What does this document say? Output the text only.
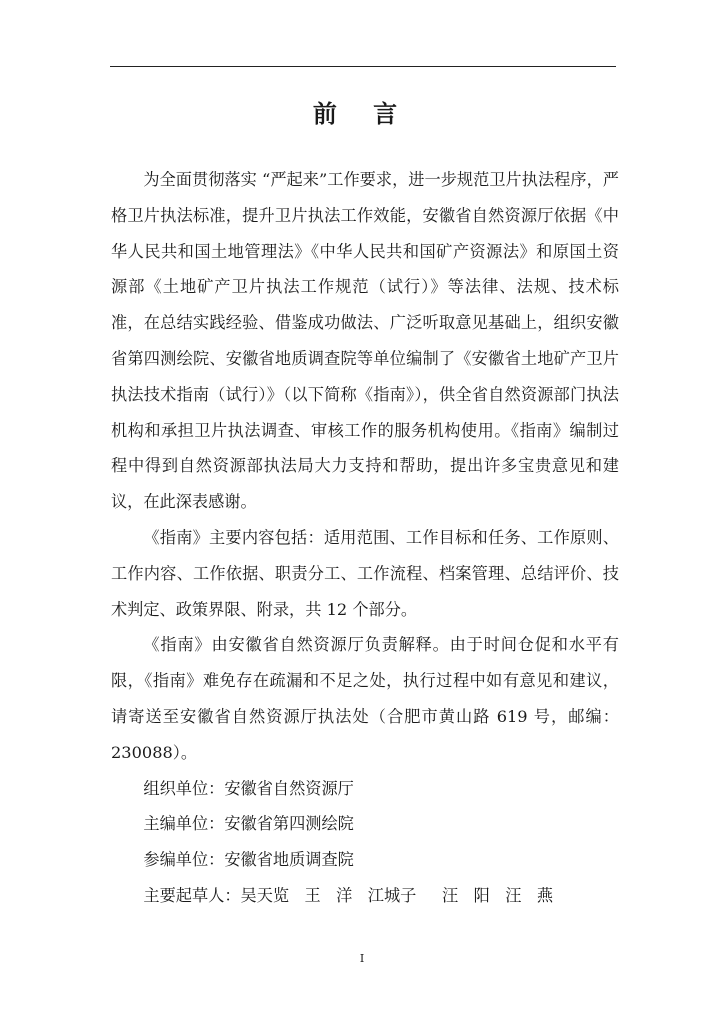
前 言

为全面贯彻落实 “严起来”工作要求，进一步规范卫片执法程序，严格卫片执法标准，提升卫片执法工作效能，安徽省自然资源厅依据《中华人民共和国土地管理法》《中华人民共和国矿产资源法》和原国土资源部《土地矿产卫片执法工作规范（试行）》等法律、法规、技术标准，在总结实践经验、借鉴成功做法、广泛听取意见基础上，组织安徽省第四测绘院、安徽省地质调查院等单位编制了《安徽省土地矿产卫片执法技术指南（试行）》（以下简称《指南》），供全省自然资源部门执法机构和承担卫片执法调查、审核工作的服务机构使用。《指南》编制过程中得到自然资源部执法局大力支持和帮助，提出许多宝贵意见和建议，在此深表感谢。

《指南》主要内容包括：适用范围、工作目标和任务、工作原则、工作内容、工作依据、职责分工、工作流程、档案管理、总结评价、技术判定、政策界限、附录，共 12 个部分。

《指南》由安徽省自然资源厅负责解释。由于时间仓促和水平有限，《指南》难免存在疏漏和不足之处，执行过程中如有意见和建议，请寄送至安徽省自然资源厅执法处（合肥市黄山路 619 号，邮编：230088）。

组织单位：安徽省自然资源厅

主编单位：安徽省第四测绘院

参编单位：安徽省地质调查院

主要起草人：吴天览   王   洋   江城子     汪   阳   汪   燕

I
